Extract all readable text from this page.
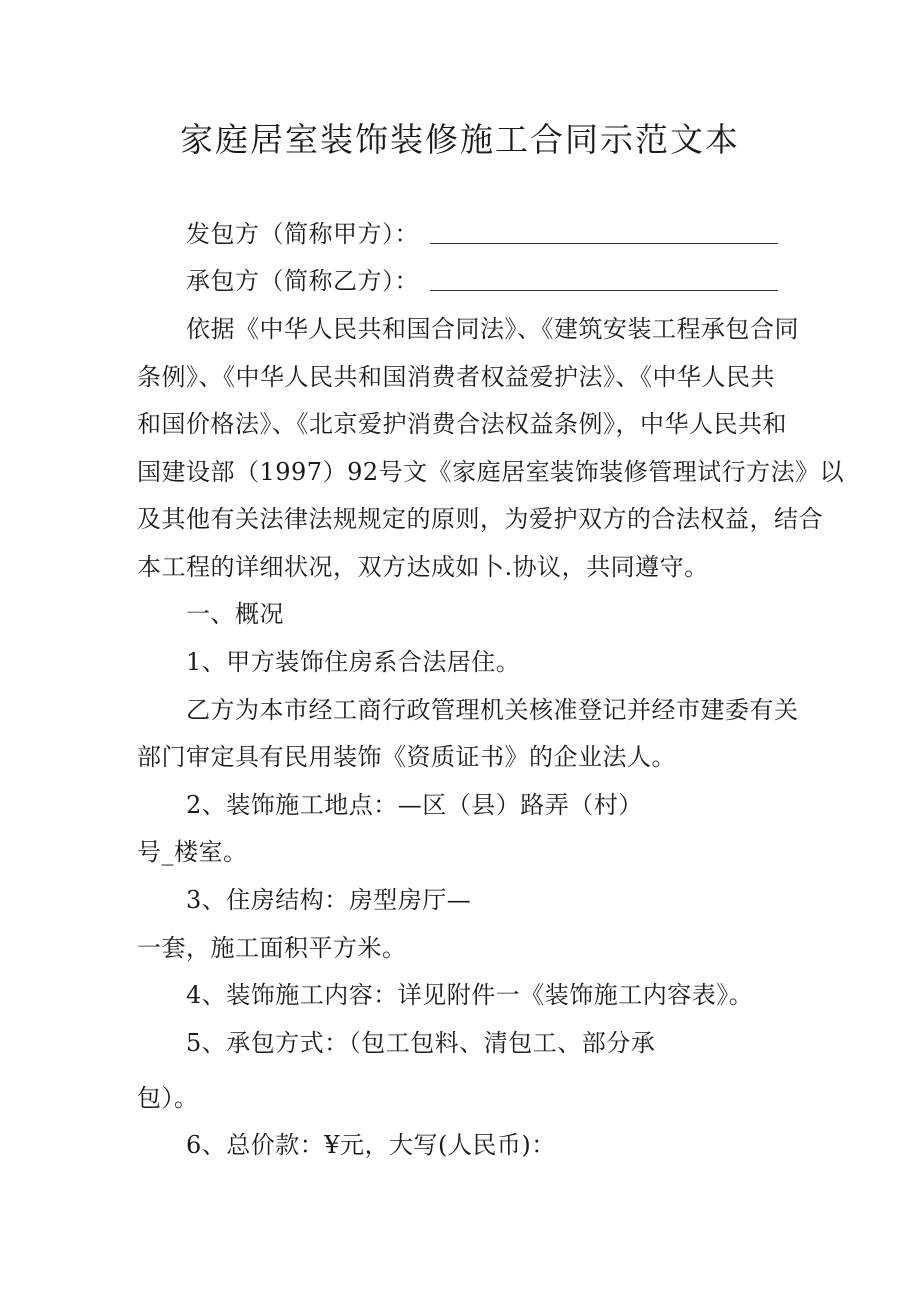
家庭居室装饰装修施工合同示范文本
发包方（简称甲方）：
承包方（简称乙方）：
依据《中华人民共和国合同法》、《建筑安装工程承包合同
条例》、《中华人民共和国消费者权益爱护法》、《中华人民共
和国价格法》、《北京爱护消费合法权益条例》，中华人民共和
国建设部（1997）92号文《家庭居室装饰装修管理试行方法》以
及其他有关法律法规规定的原则，为爱护双方的合法权益，结合
本工程的详细状况，双方达成如卜.协议，共同遵守。
一、概况
1、甲方装饰住房系合法居住。
乙方为本市经工商行政管理机关核准登记并经市建委有关
部门审定具有民用装饰《资质证书》的企业法人。
2、装饰施工地点：—区（县）路弄（村）
号_楼室。
3、住房结构：房型房厅—
一套，施工面积平方米。
4、装饰施工内容：详见附件一《装饰施工内容表》。
5、承包方式：（包工包料、清包工、部分承
包）。
6、总价款：¥元，大写(人民币)：
